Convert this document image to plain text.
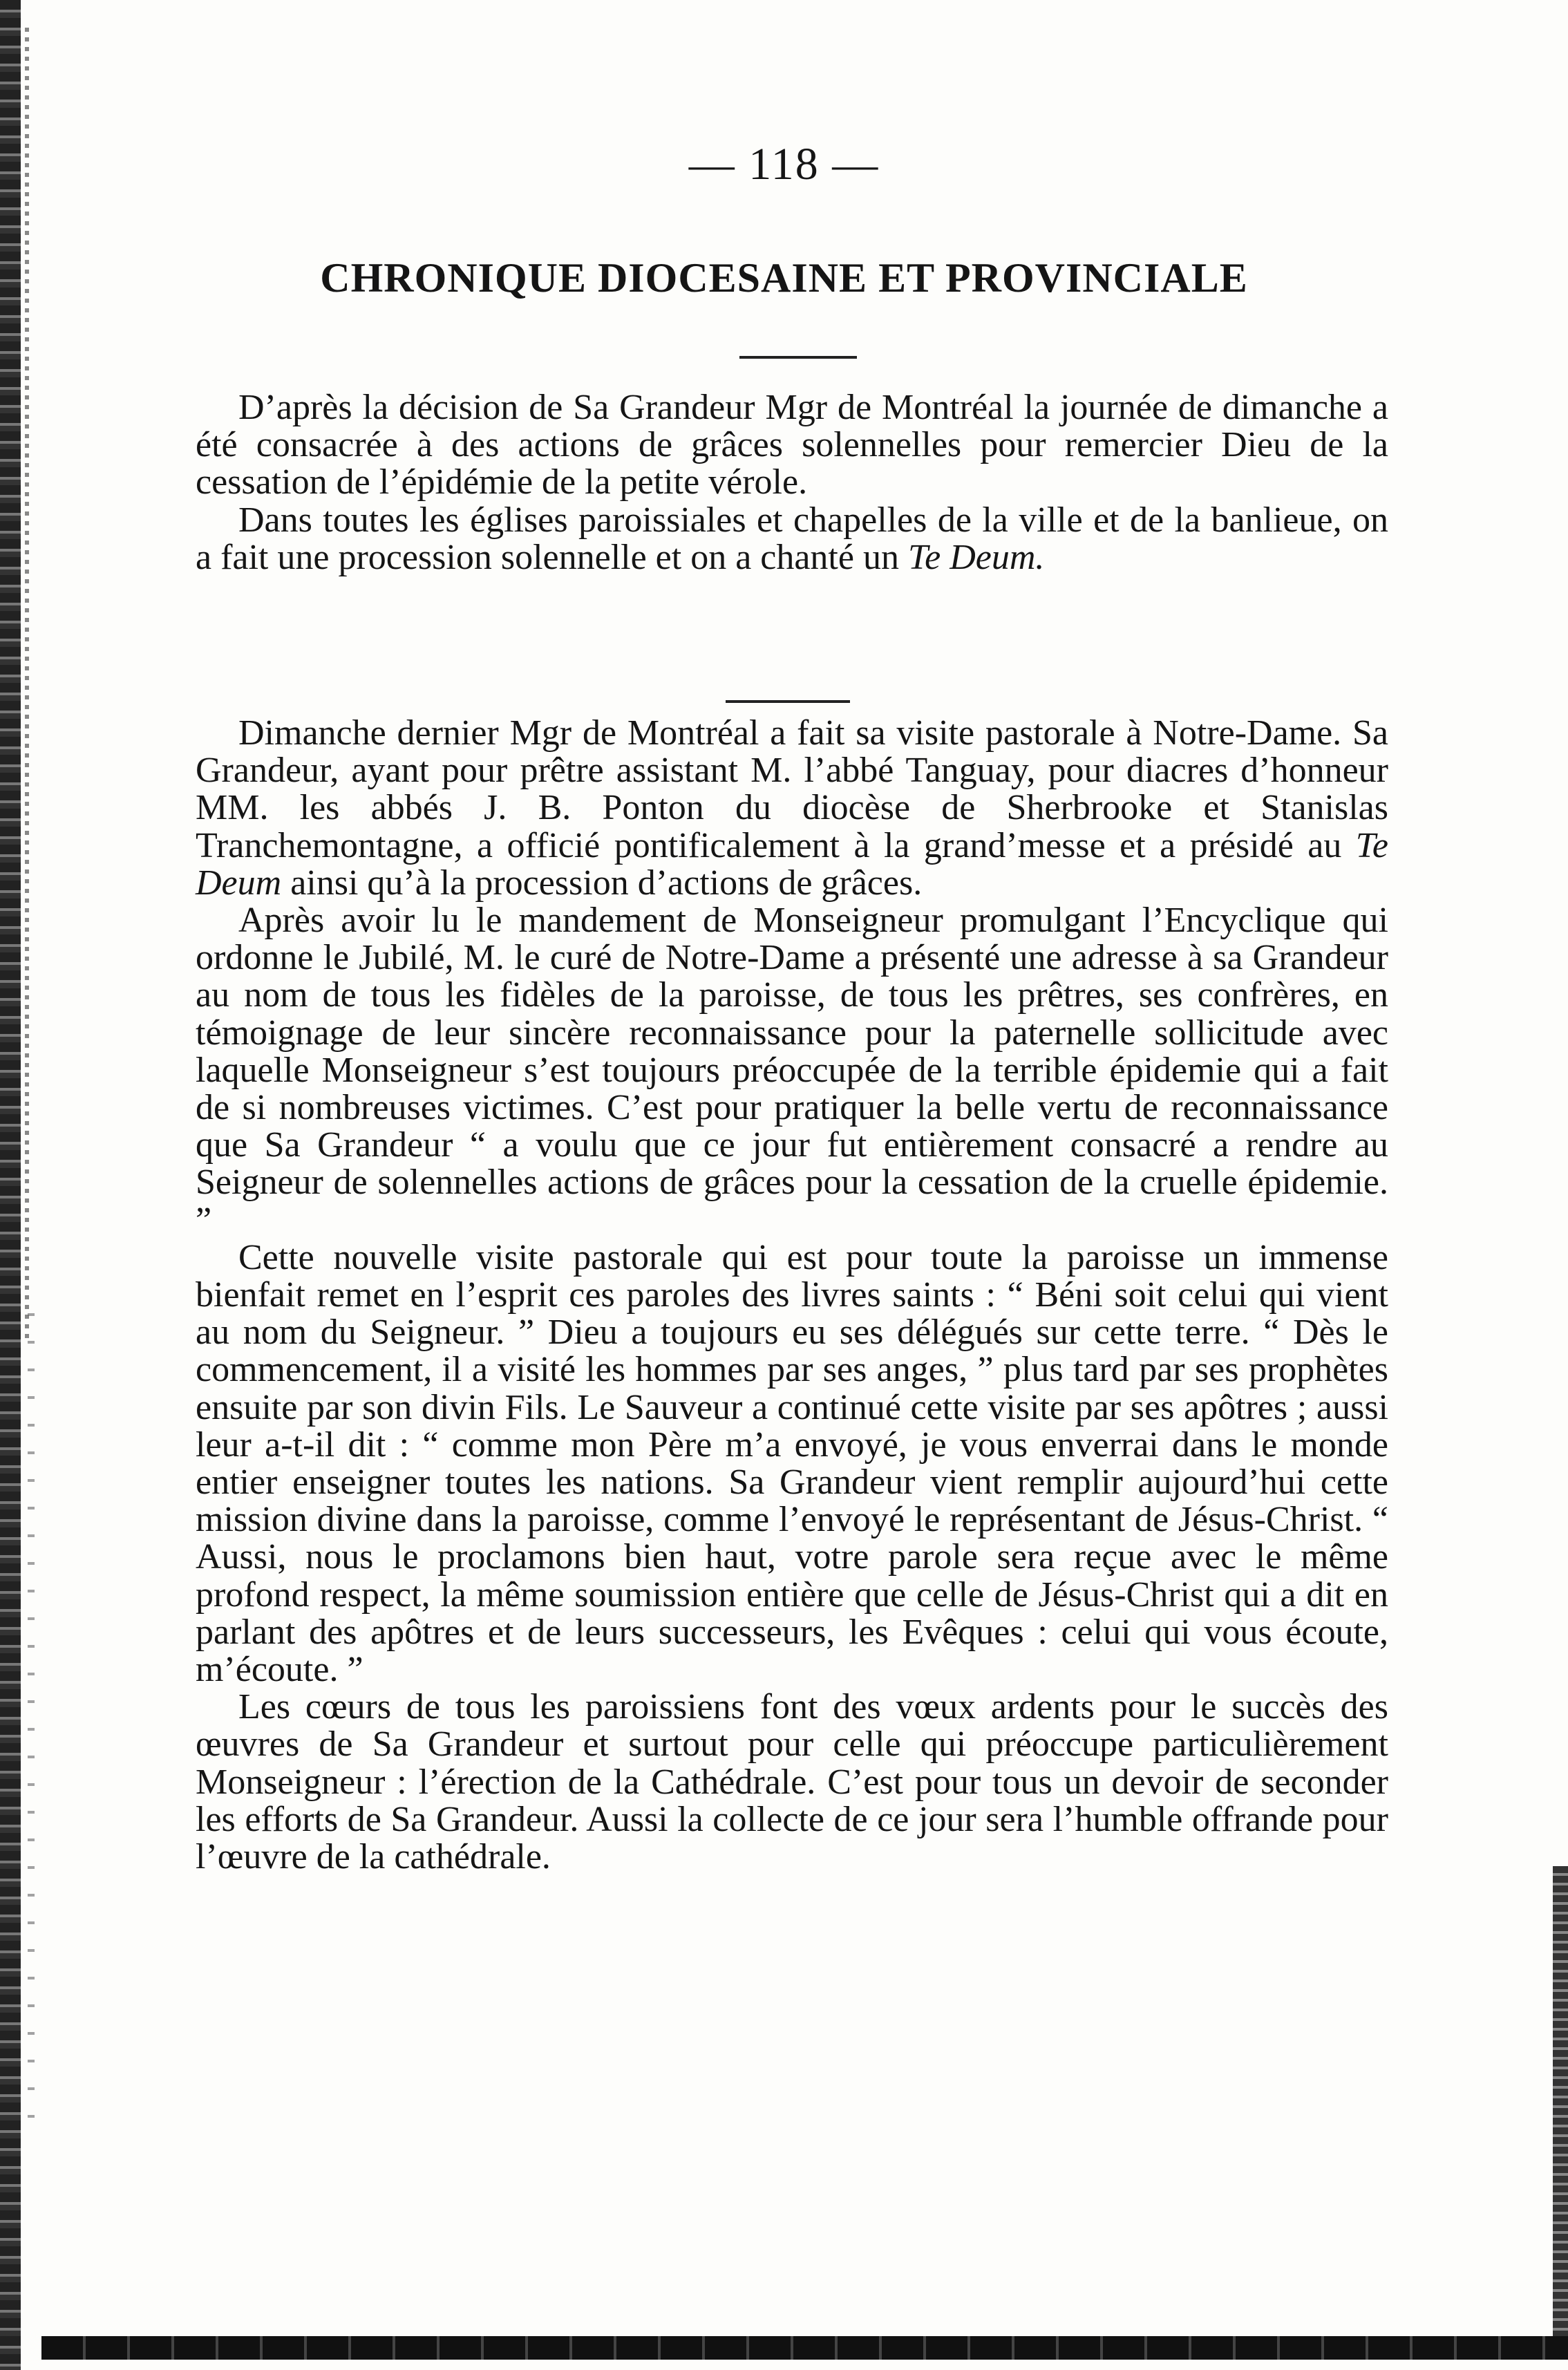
— 118 —
CHRONIQUE DIOCESAINE ET PROVINCIALE

D’après la décision de Sa Grandeur Mgr de Montréal la journée de dimanche a été consacrée à des actions de grâces solennelles pour remercier Dieu de la cessation de l’épidémie de la petite vérole.

Dans toutes les églises paroissiales et chapelles de la ville et de la banlieue, on a fait une procession solennelle et on a chanté un Te Deum.

Dimanche dernier Mgr de Montréal a fait sa visite pastorale à Notre-Dame. Sa Grandeur, ayant pour prêtre assistant M. l’abbé Tanguay, pour diacres d’honneur MM. les abbés J. B. Ponton du diocèse de Sherbrooke et Stanislas Tranchemontagne, a officié pontificalement à la grand’messe et a présidé au Te Deum ainsi qu’à la procession d’actions de grâces.

Après avoir lu le mandement de Monseigneur promulgant l’Encyclique qui ordonne le Jubilé, M. le curé de Notre-Dame a présenté une adresse à sa Grandeur au nom de tous les fidèles de la paroisse, de tous les prêtres, ses confrères, en témoignage de leur sincère reconnaissance pour la paternelle sollicitude avec laquelle Monseigneur s’est toujours préoccupée de la terrible épidemie qui a fait de si nombreuses victimes. C’est pour pratiquer la belle vertu de reconnaissance que Sa Grandeur “ a voulu que ce jour fut entièrement consacré a rendre au Seigneur de solennelles actions de grâces pour la cessation de la cruelle épidemie. ”

Cette nouvelle visite pastorale qui est pour toute la paroisse un immense bienfait remet en l’esprit ces paroles des livres saints : “ Béni soit celui qui vient au nom du Seigneur. ” Dieu a toujours eu ses délégués sur cette terre. “ Dès le commencement, il a visité les hommes par ses anges, ” plus tard par ses prophètes ensuite par son divin Fils. Le Sauveur a continué cette visite par ses apôtres ; aussi leur a-t-il dit : “ comme mon Père m’a envoyé, je vous enverrai dans le monde entier enseigner toutes les nations. Sa Grandeur vient remplir aujourd’hui cette mission divine dans la paroisse, comme l’envoyé le représentant de Jésus-Christ. “ Aussi, nous le proclamons bien haut, votre parole sera reçue avec le même profond respect, la même soumission entière que celle de Jésus-Christ qui a dit en parlant des apôtres et de leurs successeurs, les Evêques : celui qui vous écoute, m’écoute. ”

Les cœurs de tous les paroissiens font des vœux ardents pour le succès des œuvres de Sa Grandeur et surtout pour celle qui préoccupe particulièrement Monseigneur : l’érection de la Cathédrale. C’est pour tous un devoir de seconder les efforts de Sa Grandeur. Aussi la collecte de ce jour sera l’humble offrande pour l’œuvre de la cathédrale.
